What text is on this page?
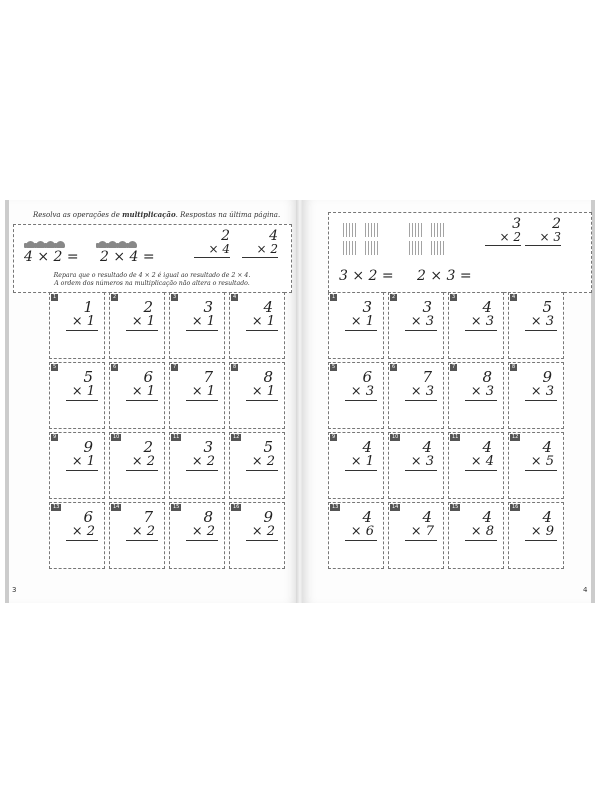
Resolva as operações de multiplicação. Respostas na última página.
4 × 2 = 2 × 4 =
2
× 4
4
× 2
Repara que o resultado de 4 × 2 é igual ao resultado de 2 × 4.
A ordem dos números na multiplicação não altera o resultado.
1
1
× 1
2
2
× 1
3
3
× 1
4
4
× 1
5
5
× 1
6
6
× 1
7
7
× 1
8
8
× 1
9
9
× 1
10
2
× 2
11
3
× 2
12
5
× 2
13
6
× 2
14
7
× 2
15
8
× 2
16
9
× 2
3 × 2 = 2 × 3 =
3
× 2
2
× 3
1
3
× 1
2
3
× 3
3
4
× 3
4
5
× 3
5
6
× 3
6
7
× 3
7
8
× 3
8
9
× 3
9
4
× 1
10
4
× 3
11
4
× 4
12
4
× 5
13
4
× 6
14
4
× 7
15
4
× 8
16
4
× 9
3	4
